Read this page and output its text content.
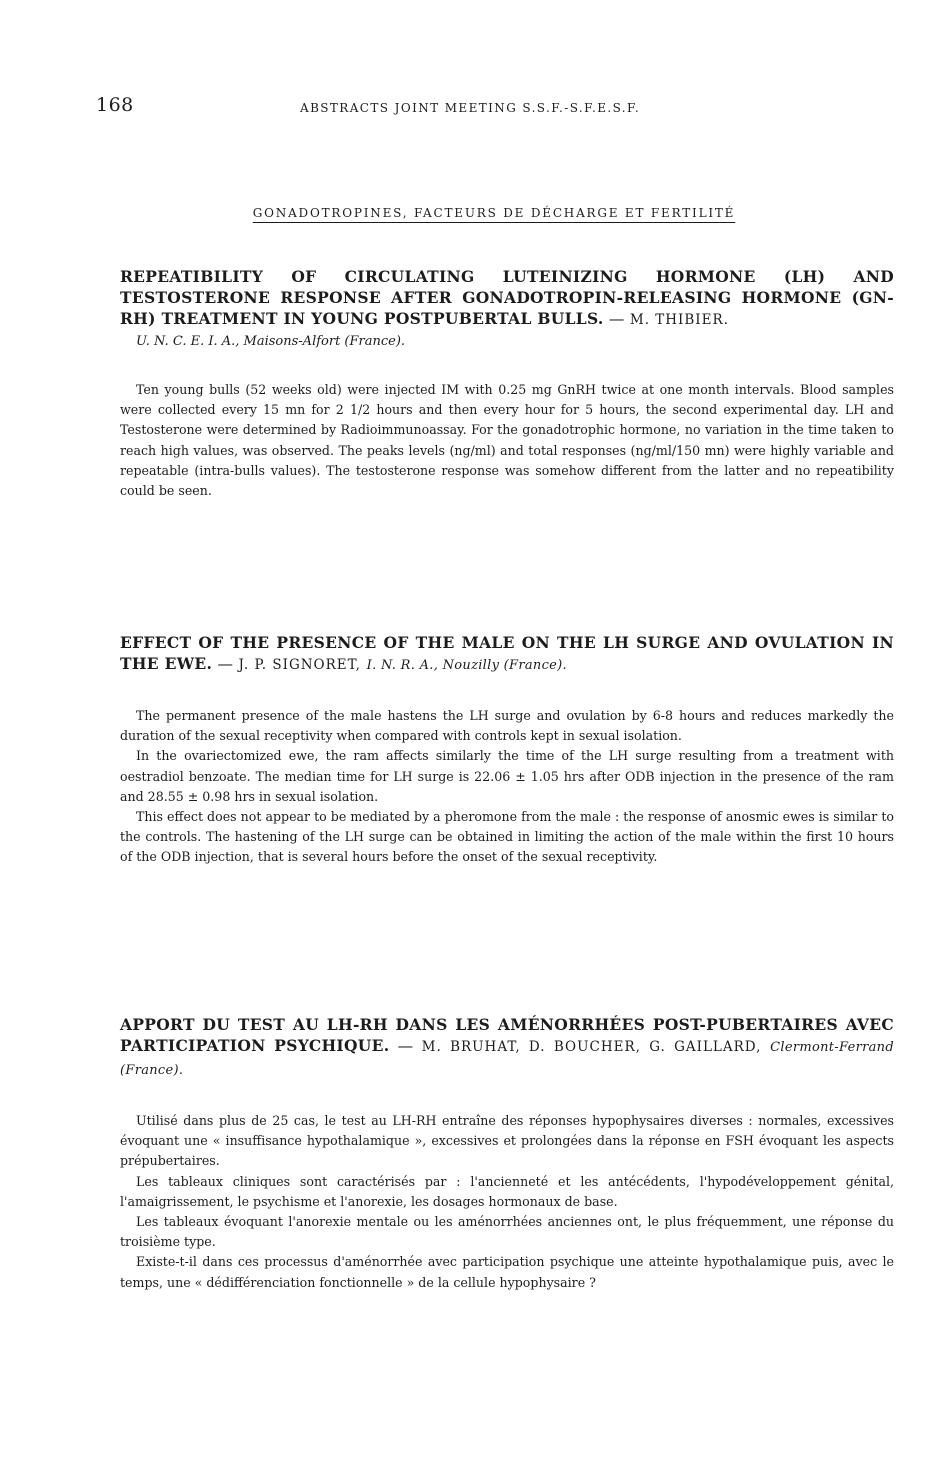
168	ABSTRACTS JOINT MEETING S.S.F.-S.F.E.S.F.
GONADOTROPINES, FACTEURS DE DÉCHARGE ET FERTILITÉ
REPEATIBILITY OF CIRCULATING LUTEINIZING HORMONE (LH) AND TESTOSTERONE RESPONSE AFTER GONADOTROPIN-RELEASING HORMONE (GN-RH) TREATMENT IN YOUNG POSTPUBERTAL BULLS. — M. THIBIER.

U. N. C. E. I. A., Maisons-Alfort (France).

Ten young bulls (52 weeks old) were injected IM with 0.25 mg GnRH twice at one month intervals. Blood samples were collected every 15 mn for 2 1/2 hours and then every hour for 5 hours, the second experimental day. LH and Testosterone were determined by Radioimmunoassay. For the gonadotrophic hormone, no variation in the time taken to reach high values, was observed. The peaks levels (ng/ml) and total responses (ng/ml/150 mn) were highly variable and repeatable (intra-bulls values). The testosterone response was somehow different from the latter and no repeatibility could be seen.

EFFECT OF THE PRESENCE OF THE MALE ON THE LH SURGE AND OVULATION IN THE EWE. — J. P. SIGNORET, I. N. R. A., Nouzilly (France).

The permanent presence of the male hastens the LH surge and ovulation by 6-8 hours and reduces markedly the duration of the sexual receptivity when compared with controls kept in sexual isolation.

In the ovariectomized ewe, the ram affects similarly the time of the LH surge resulting from a treatment with oestradiol benzoate. The median time for LH surge is 22.06 ± 1.05 hrs after ODB injection in the presence of the ram and 28.55 ± 0.98 hrs in sexual isolation.

This effect does not appear to be mediated by a pheromone from the male : the response of anosmic ewes is similar to the controls. The hastening of the LH surge can be obtained in limiting the action of the male within the first 10 hours of the ODB injection, that is several hours before the onset of the sexual receptivity.

APPORT DU TEST AU LH-RH DANS LES AMÉNORRHÉES POST-PUBERTAIRES AVEC PARTICIPATION PSYCHIQUE. — M. BRUHAT, D. BOUCHER, G. GAILLARD, Clermont-Ferrand (France).

Utilisé dans plus de 25 cas, le test au LH-RH entraîne des réponses hypophysaires diverses : normales, excessives évoquant une « insuffisance hypothalamique », excessives et prolongées dans la réponse en FSH évoquant les aspects prépubertaires.

Les tableaux cliniques sont caractérisés par : l'ancienneté et les antécédents, l'hypodéveloppement génital, l'amaigrissement, le psychisme et l'anorexie, les dosages hormonaux de base.

Les tableaux évoquant l'anorexie mentale ou les aménorrhées anciennes ont, le plus fréquemment, une réponse du troisième type.

Existe-t-il dans ces processus d'aménorrhée avec participation psychique une atteinte hypothalamique puis, avec le temps, une « dédifférenciation fonctionnelle » de la cellule hypophysaire ?
